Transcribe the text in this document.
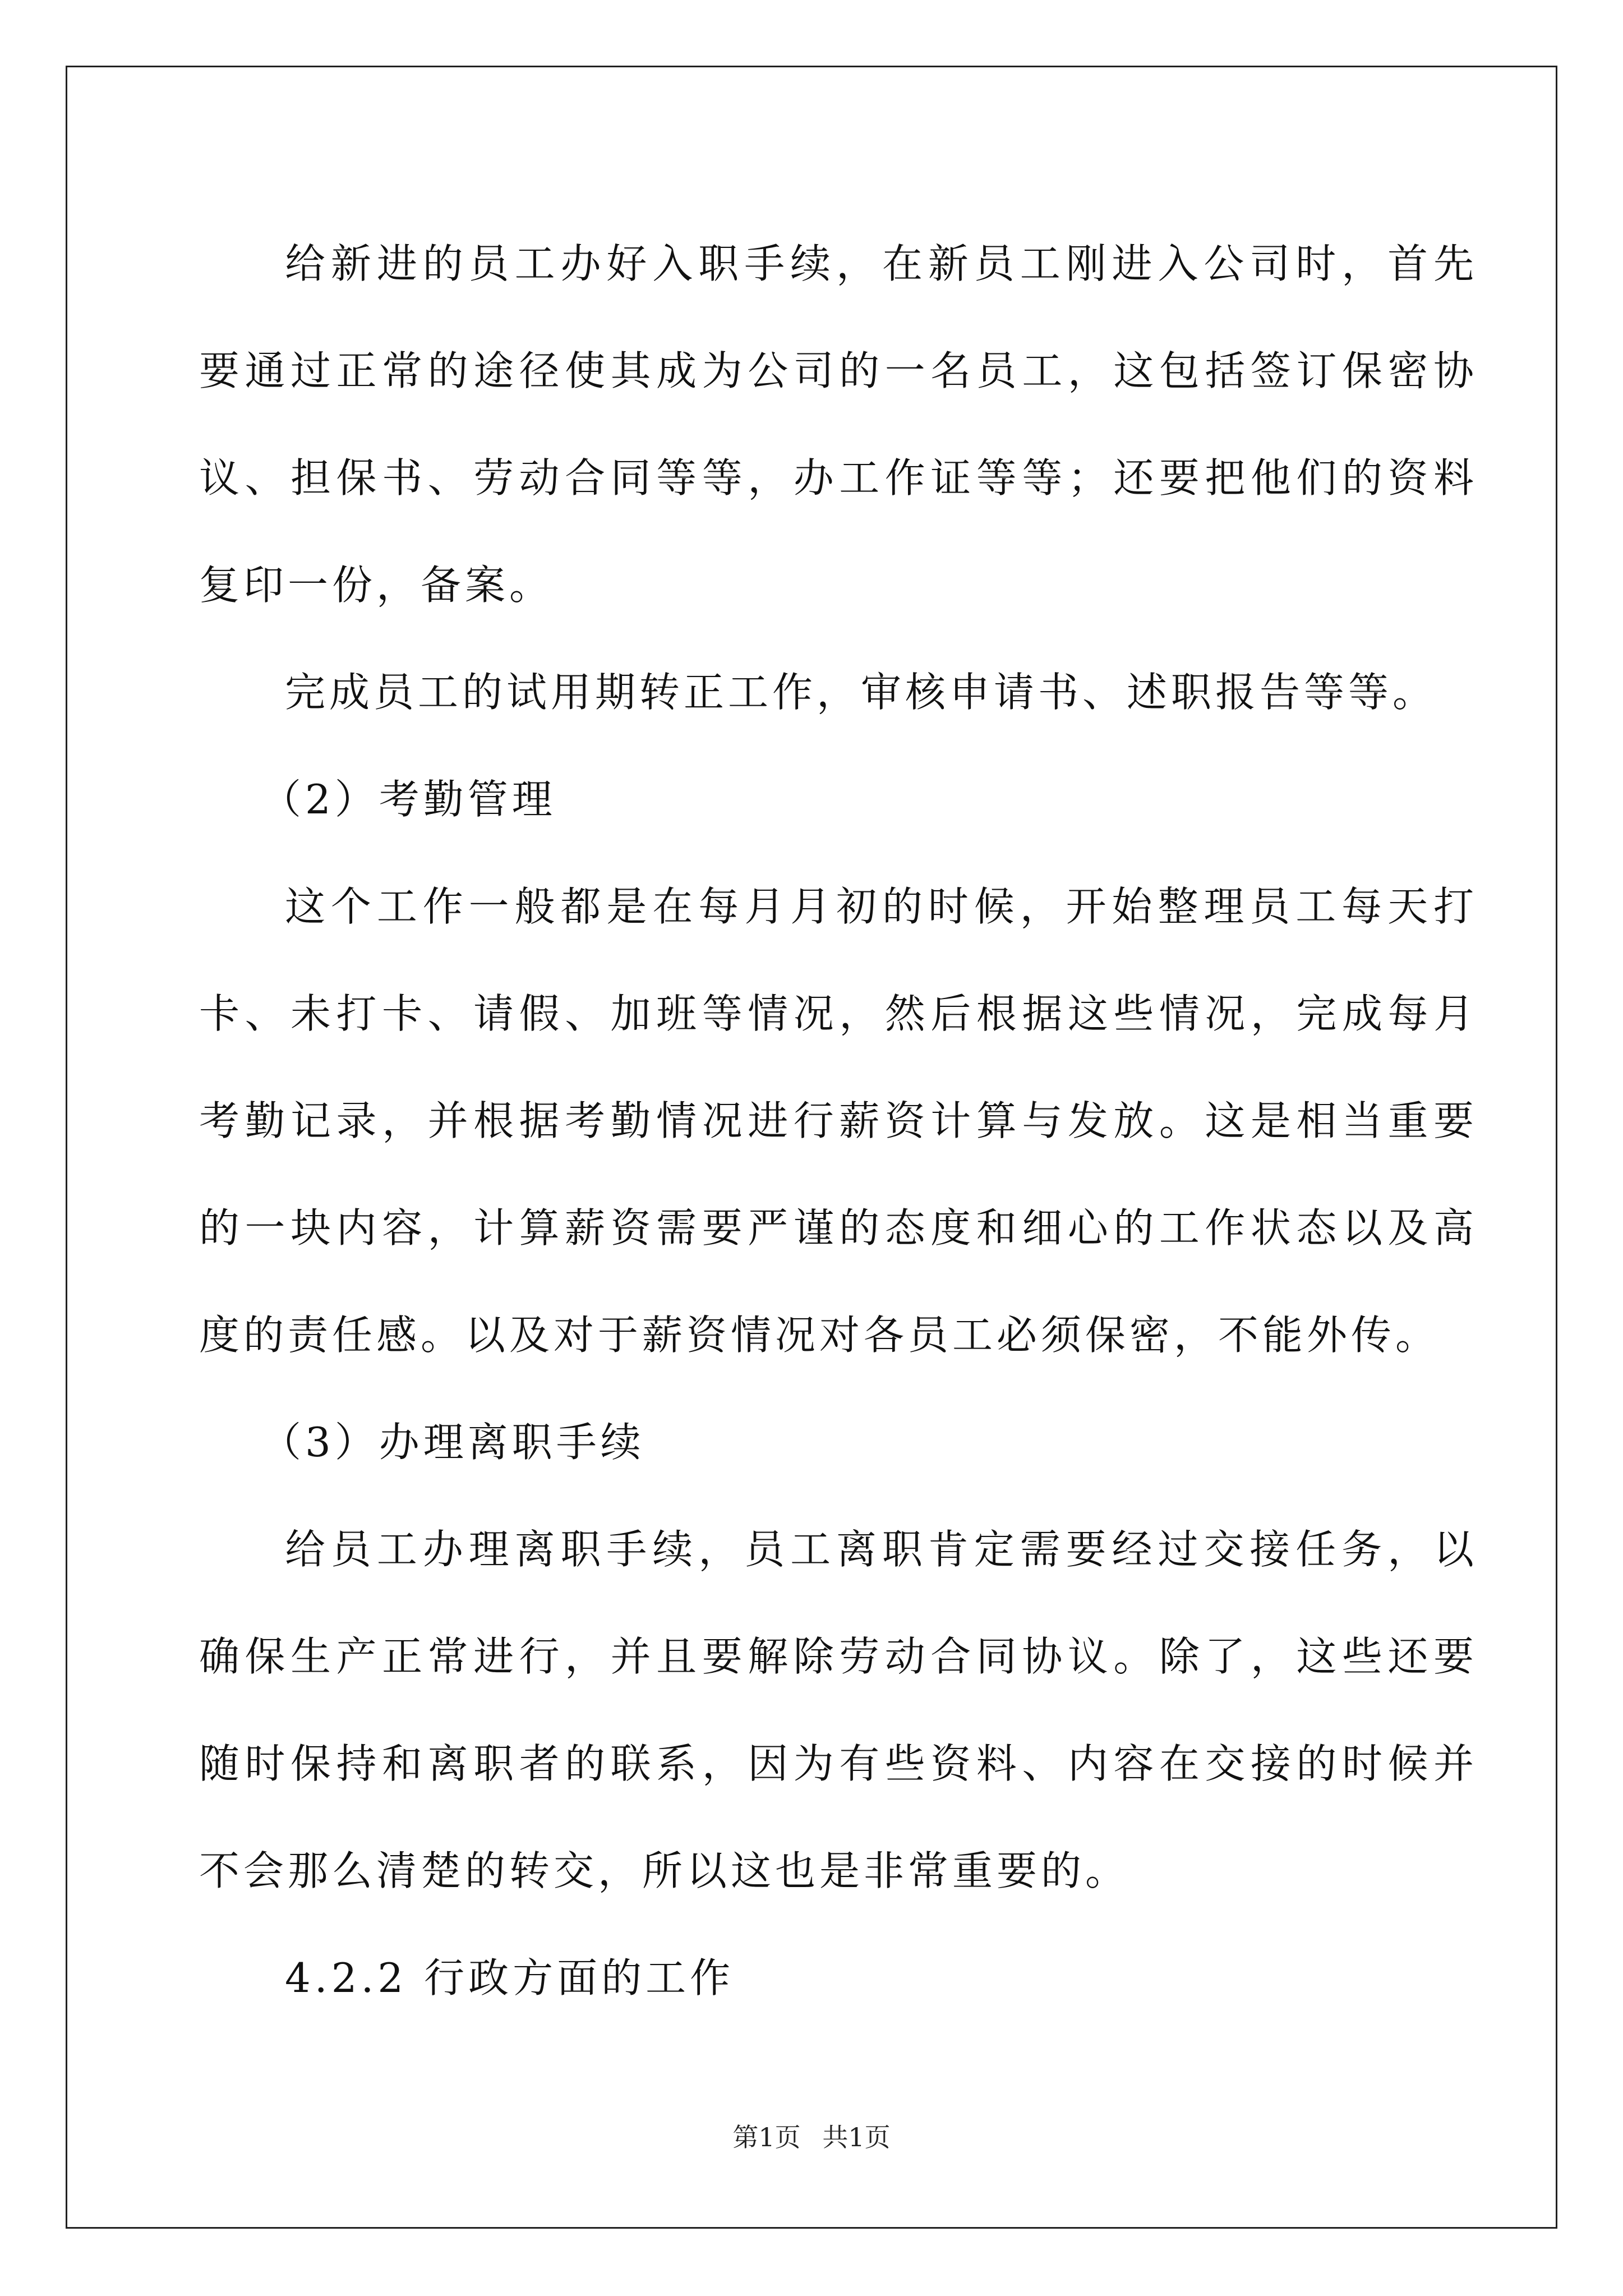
给新进的员工办好入职手续，在新员工刚进入公司时，首先要通过正常的途径使其成为公司的一名员工，这包括签订保密协议、担保书、劳动合同等等，办工作证等等；还要把他们的资料复印一份，备案。

完成员工的试用期转正工作，审核申请书、述职报告等等。

（2）考勤管理

这个工作一般都是在每月月初的时候，开始整理员工每天打卡、未打卡、请假、加班等情况，然后根据这些情况，完成每月考勤记录，并根据考勤情况进行薪资计算与发放。这是相当重要的一块内容，计算薪资需要严谨的态度和细心的工作状态以及高度的责任感。以及对于薪资情况对各员工必须保密，不能外传。

（3）办理离职手续

给员工办理离职手续，员工离职肯定需要经过交接任务，以确保生产正常进行，并且要解除劳动合同协议。除了，这些还要随时保持和离职者的联系，因为有些资料、内容在交接的时候并不会那么清楚的转交，所以这也是非常重要的。

4.2.2 行政方面的工作

第1页 共1页
